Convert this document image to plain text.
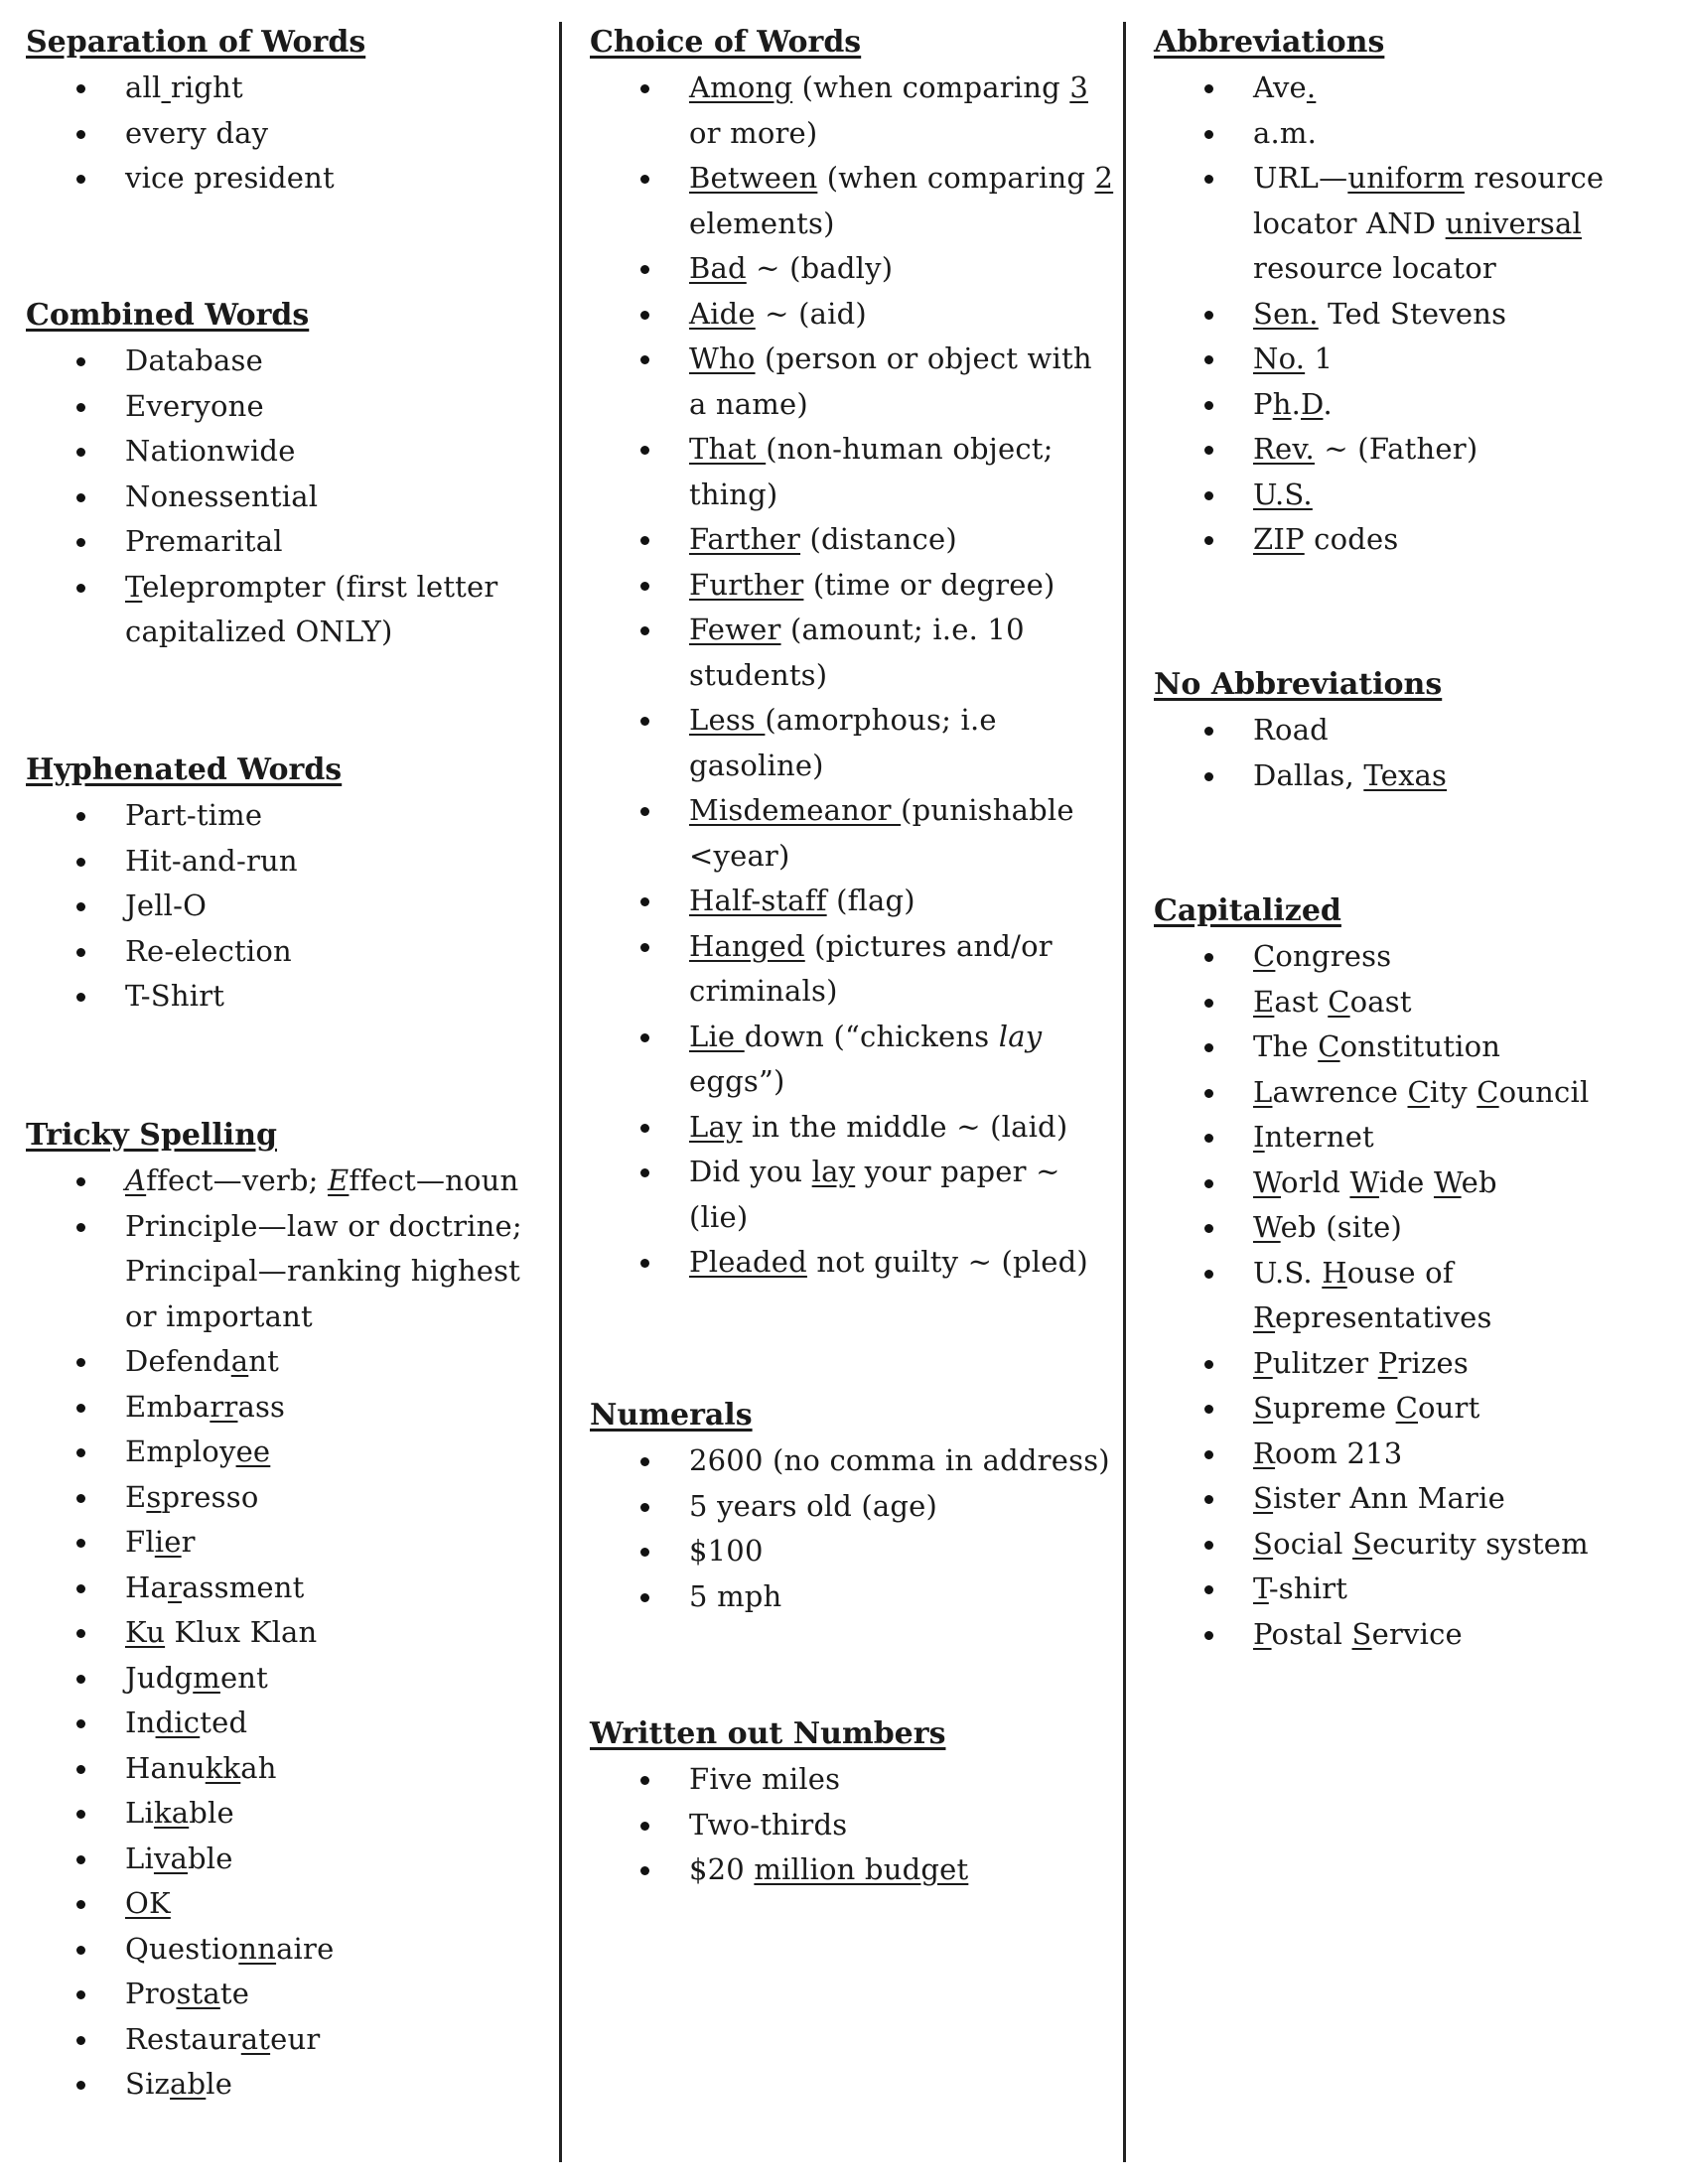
Separation of Words
all right
every day
vice president
Combined Words
Database
Everyone
Nationwide
Nonessential
Premarital
Teleprompter (first letter capitalized ONLY)
Hyphenated Words
Part-time
Hit-and-run
Jell-O
Re-election
T-Shirt
Tricky Spelling
Affect—verb; Effect—noun
Principle—law or doctrine; Principal—ranking highest or important
Defendant
Embarrass
Employee
Espresso
Flier
Harassment
Ku Klux Klan
Judgment
Indicted
Hanukkah
Likable
Livable
OK
Questionnaire
Prostate
Restaurateur
Sizable
Choice of Words
Among (when comparing 3 or more)
Between (when comparing 2 elements)
Bad ~ (badly)
Aide ~ (aid)
Who (person or object with a name)
That (non-human object; thing)
Farther (distance)
Further (time or degree)
Fewer (amount; i.e. 10 students)
Less (amorphous; i.e gasoline)
Misdemeanor (punishable <year)
Half-staff (flag)
Hanged (pictures and/or criminals)
Lie down (“chickens lay eggs”)
Lay in the middle ~ (laid)
Did you lay your paper ~ (lie)
Pleaded not guilty ~ (pled)
Numerals
2600 (no comma in address)
5 years old (age)
$100
5 mph
Written out Numbers
Five miles
Two-thirds
$20 million budget
Abbreviations
Ave.
a.m.
URL—uniform resource locator AND universal resource locator
Sen. Ted Stevens
No. 1
Ph.D.
Rev. ~ (Father)
U.S.
ZIP codes
No Abbreviations
Road
Dallas, Texas
Capitalized
Congress
East Coast
The Constitution
Lawrence City Council
Internet
World Wide Web
Web (site)
U.S. House of Representatives
Pulitzer Prizes
Supreme Court
Room 213
Sister Ann Marie
Social Security system
T-shirt
Postal Service
